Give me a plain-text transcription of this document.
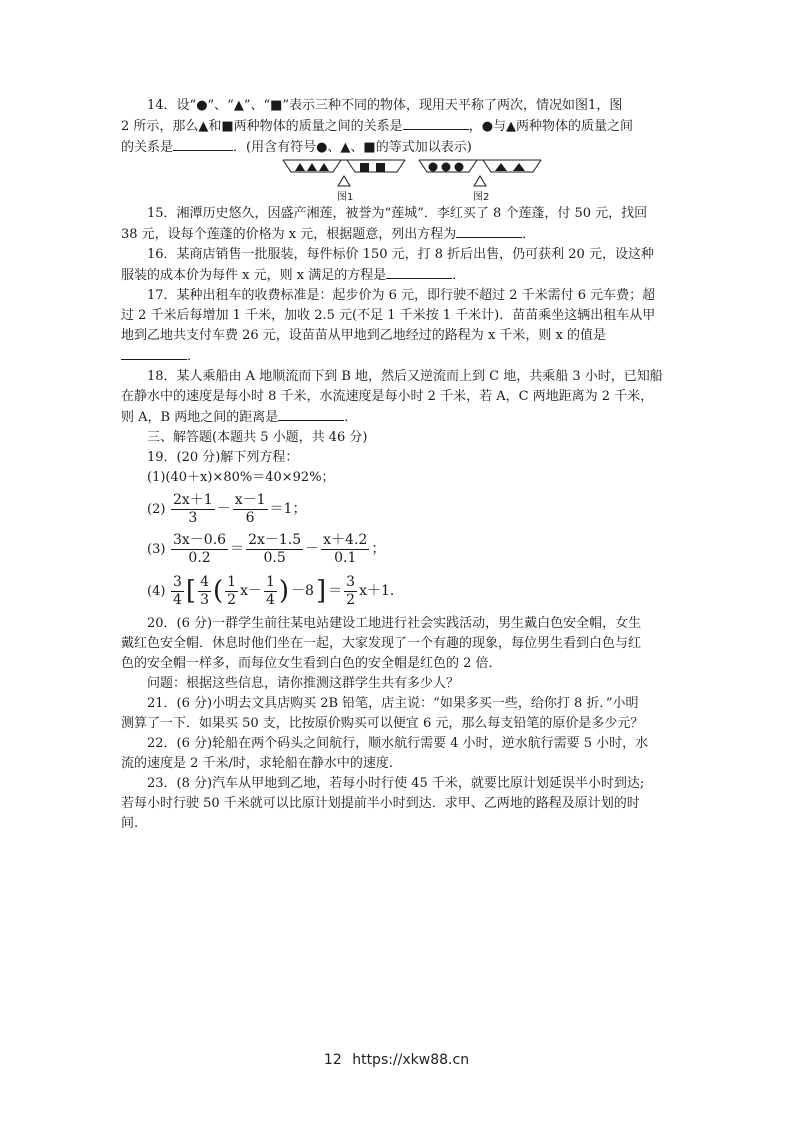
14．设“●”、“▲”、“■”表示三种不同的物体，现用天平称了两次，情况如图1，图

2 所示，那么▲和■两种物体的质量之间的关系是	，●与▲两种物体的质量之间

的关系是	．(用含有符号●、▲、■的等式加以表示)

图1	图2

15．湘潭历史悠久，因盛产湘莲，被誉为“莲城”．李红买了 8 个莲蓬，付 50 元，找回

38 元，设每个莲蓬的价格为 x 元，根据题意，列出方程为	．

16．某商店销售一批服装，每件标价 150 元，打 8 折后出售，仍可获利 20 元，设这种

服装的成本价为每件 x 元，则 x 满足的方程是	．

17．某种出租车的收费标准是：起步价为 6 元，即行驶不超过 2 千米需付 6 元车费；超

过 2 千米后每增加 1 千米，加收 2.5 元(不足 1 千米按 1 千米计)．苗苗乘坐这辆出租车从甲

地到乙地共支付车费 26 元，设苗苗从甲地到乙地经过的路程为 x 千米，则 x 的值是

．

18．某人乘船由 A 地顺流而下到 B 地，然后又逆流而上到 C 地，共乘船 3 小时，已知船

在静水中的速度是每小时 8 千米，水流速度是每小时 2 千米，若 A，C 两地距离为 2 千米，

则 A，B 两地之间的距离是	．

三、解答题(本题共 5 小题，共 46 分)

19．(20 分)解下列方程：

(1)(40＋x)×80%＝40×92%；

$(2) \frac{2x+1}{3} - \frac{x-1}{6} =1$；
$(3) \frac{3x-0.6}{0.2} = \frac{2x-1.5}{0.5} - \frac{x+4.2}{0.1}$ ；
$(4) \frac{3}{4}$ [ $\frac{4}{3}$ ( $\frac{1}{2} x- \frac{1}{4}$ ) －8 ] ＝ $\frac{3}{2} x+1$．

20．(6 分)一群学生前往某电站建设工地进行社会实践活动，男生戴白色安全帽，女生

戴红色安全帽．休息时他们坐在一起，大家发现了一个有趣的现象，每位男生看到白色与红

色的安全帽一样多，而每位女生看到白色的安全帽是红色的 2 倍．

问题：根据这些信息，请你推测这群学生共有多少人？

21．(6 分)小明去文具店购买 2B 铅笔，店主说：“如果多买一些，给你打 8 折．”小明

测算了一下．如果买 50 支，比按原价购买可以便宜 6 元，那么每支铅笔的原价是多少元？

22．(6 分)轮船在两个码头之间航行，顺水航行需要 4 小时，逆水航行需要 5 小时，水

流的速度是 2 千米/时，求轮船在静水中的速度.

23．(8 分)汽车从甲地到乙地，若每小时行使 45 千米，就要比原计划延误半小时到达;

若每小时行驶 50 千米就可以比原计划提前半小时到达．求甲、乙两地的路程及原计划的时

间.

12 https://xkw88.cn
